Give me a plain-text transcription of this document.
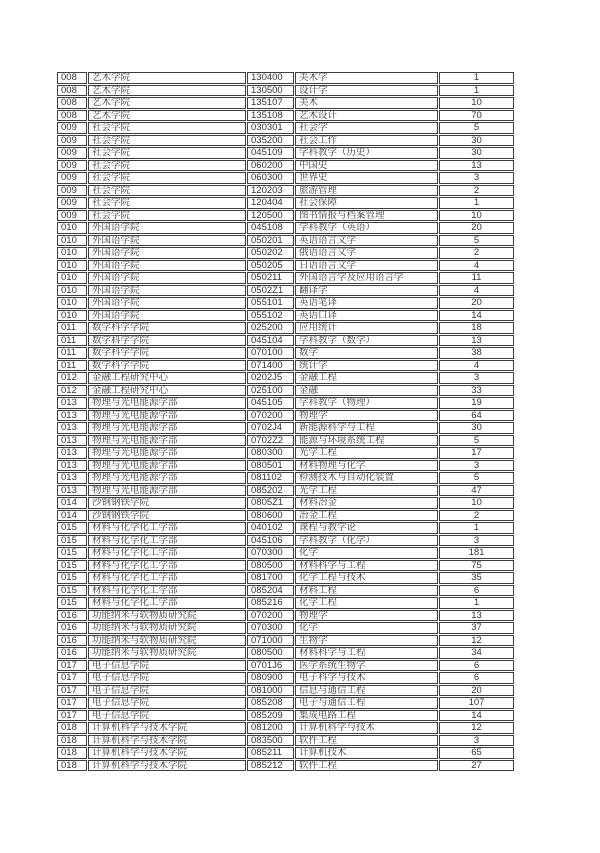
008	艺术学院	130400	美术学	1
008	艺术学院	130500	设计学	1
008	艺术学院	135107	美术	10
008	艺术学院	135108	艺术设计	70
009	社会学院	030301	社会学	5
009	社会学院	035200	社会工作	30
009	社会学院	045109	学科教学（历史）	30
009	社会学院	060200	中国史	13
009	社会学院	060300	世界史	3
009	社会学院	120203	旅游管理	2
009	社会学院	120404	社会保障	1
009	社会学院	120500	图书情报与档案管理	10
010	外国语学院	045108	学科教学（英语）	20
010	外国语学院	050201	英语语言文学	5
010	外国语学院	050202	俄语语言文学	2
010	外国语学院	050205	日语语言文学	4
010	外国语学院	050211	外国语言学及应用语言学	11
010	外国语学院	0502Z1	翻译学	4
010	外国语学院	055101	英语笔译	20
010	外国语学院	055102	英语口译	14
011	数学科学学院	025200	应用统计	18
011	数学科学学院	045104	学科教学（数学）	13
011	数学科学学院	070100	数学	38
011	数学科学学院	071400	统计学	4
012	金融工程研究中心	0202J5	金融工程	3
012	金融工程研究中心	025100	金融	33
013	物理与光电能源学部	045105	学科教学（物理）	19
013	物理与光电能源学部	070200	物理学	64
013	物理与光电能源学部	0702J4	新能源科学与工程	30
013	物理与光电能源学部	0702Z2	能源与环境系统工程	5
013	物理与光电能源学部	080300	光学工程	17
013	物理与光电能源学部	080501	材料物理与化学	3
013	物理与光电能源学部	081102	检测技术与自动化装置	5
013	物理与光电能源学部	085202	光学工程	47
014	沙钢钢铁学院	0805Z1	材料冶金	10
014	沙钢钢铁学院	080600	冶金工程	2
015	材料与化学化工学部	040102	课程与教学论	1
015	材料与化学化工学部	045106	学科教学（化学）	3
015	材料与化学化工学部	070300	化学	181
015	材料与化学化工学部	080500	材料科学与工程	75
015	材料与化学化工学部	081700	化学工程与技术	35
015	材料与化学化工学部	085204	材料工程	6
015	材料与化学化工学部	085216	化学工程	1
016	功能纳米与软物质研究院	070200	物理学	13
016	功能纳米与软物质研究院	070300	化学	37
016	功能纳米与软物质研究院	071000	生物学	12
016	功能纳米与软物质研究院	080500	材料科学与工程	34
017	电子信息学院	0701J6	医学系统生物学	6
017	电子信息学院	080900	电子科学与技术	6
017	电子信息学院	081000	信息与通信工程	20
017	电子信息学院	085208	电子与通信工程	107
017	电子信息学院	085209	集成电路工程	14
018	计算机科学与技术学院	081200	计算机科学与技术	12
018	计算机科学与技术学院	083500	软件工程	3
018	计算机科学与技术学院	085211	计算机技术	65
018	计算机科学与技术学院	085212	软件工程	27
